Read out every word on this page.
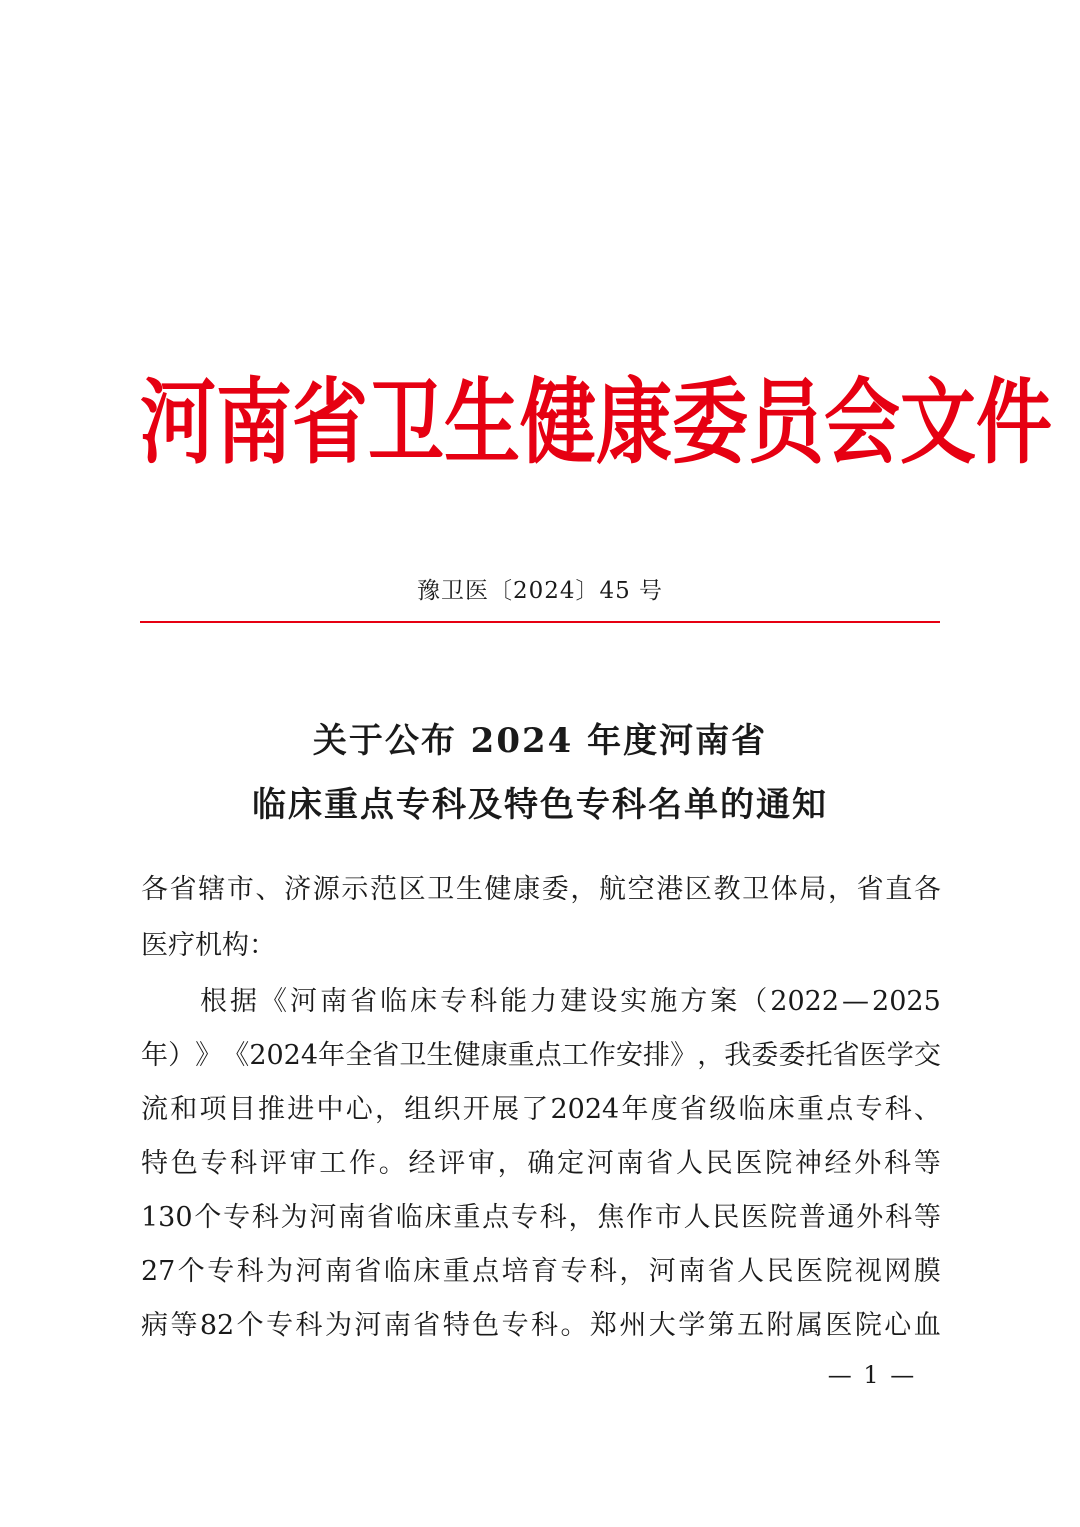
河 南 省 卫 生 健 康 委 员 会 文 件
豫卫医〔2024〕45 号
关于公布 2024 年度河南省
临床重点专科及特色专科名单的通知
各 省 辖 市 、 济 源 示 范 区 卫 生 健 康 委 ， 航 空 港 区 教 卫 体 局 ， 省 直 各
医疗机构：
根 据 《 河 南 省 临 床 专 科 能 力 建 设 实 施 方 案 （ 2022 — 2025
年 ） 》 《 2024 年 全 省 卫 生 健 康 重 点 工 作 安 排 》 ， 我 委 委 托 省 医 学 交
流 和 项 目 推 进 中 心 ， 组 织 开 展 了 2024 年 度 省 级 临 床 重 点 专 科 、
特 色 专 科 评 审 工 作 。 经 评 审 ， 确 定 河 南 省 人 民 医 院 神 经 外 科 等
130 个 专 科 为 河 南 省 临 床 重 点 专 科 ， 焦 作 市 人 民 医 院 普 通 外 科 等
27 个 专 科 为 河 南 省 临 床 重 点 培 育 专 科 ， 河 南 省 人 民 医 院 视 网 膜
病 等 82 个 专 科 为 河 南 省 特 色 专 科 。 郑 州 大 学 第 五 附 属 医 院 心 血
— 1 —
